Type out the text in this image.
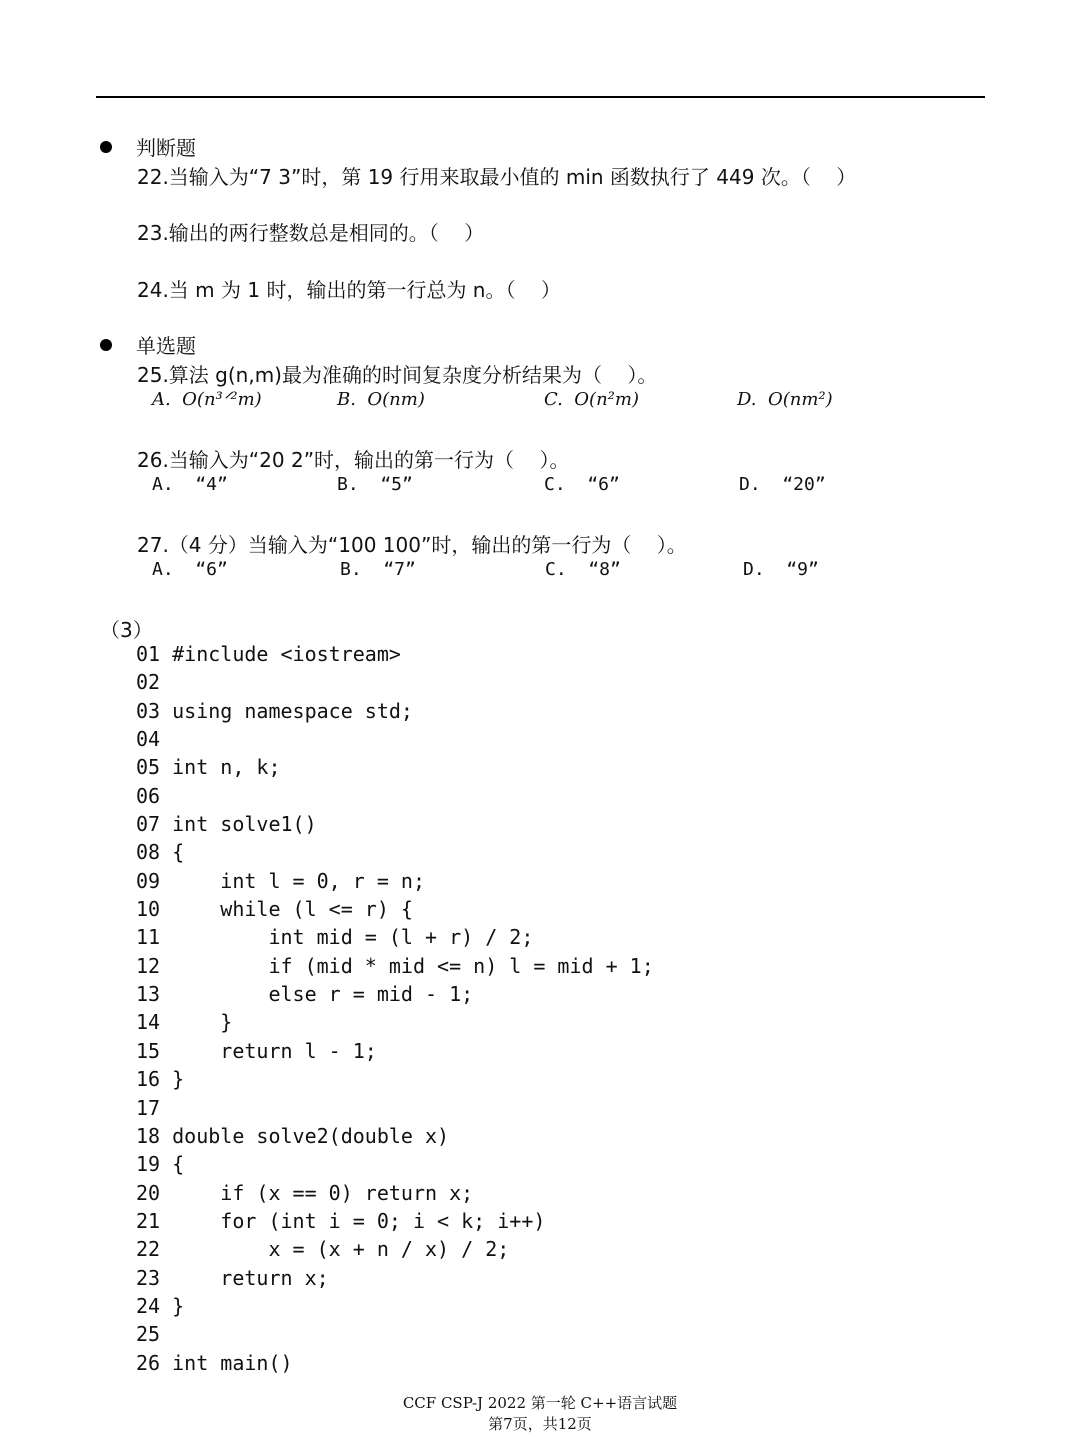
判断题
22.当输入为“7 3”时，第 19 行用来取最小值的 min 函数执行了 449 次。（    ）
23.输出的两行整数总是相同的。（    ）
24.当 m 为 1 时，输出的第一行总为 n。（    ）
单选题
25.算法 g(n,m)最为准确的时间复杂度分析结果为（    ）。
A.  O(n³ᐟ²m)	B.  O(nm)	C.  O(n²m)	D.  O(nm²)
26.当输入为“20 2”时，输出的第一行为（    ）。
A.  “4”	B.  “5”	C.  “6”	D.  “20”
27.（4 分）当输入为“100 100”时，输出的第一行为（    ）。
A.  “6”	B.  “7”	C.  “8”	D.  “9”
（3）
01 #include <iostream>
02
03 using namespace std;
04
05 int n, k;
06
07 int solve1()
08 {
09     int l = 0, r = n;
10     while (l <= r) {
11         int mid = (l + r) / 2;
12         if (mid * mid <= n) l = mid + 1;
13         else r = mid - 1;
14     }
15     return l - 1;
16 }
17
18 double solve2(double x)
19 {
20     if (x == 0) return x;
21     for (int i = 0; i < k; i++)
22         x = (x + n / x) / 2;
23     return x;
24 }
25
26 int main()
CCF CSP-J 2022 第一轮 C++语言试题
第7页，共12页
